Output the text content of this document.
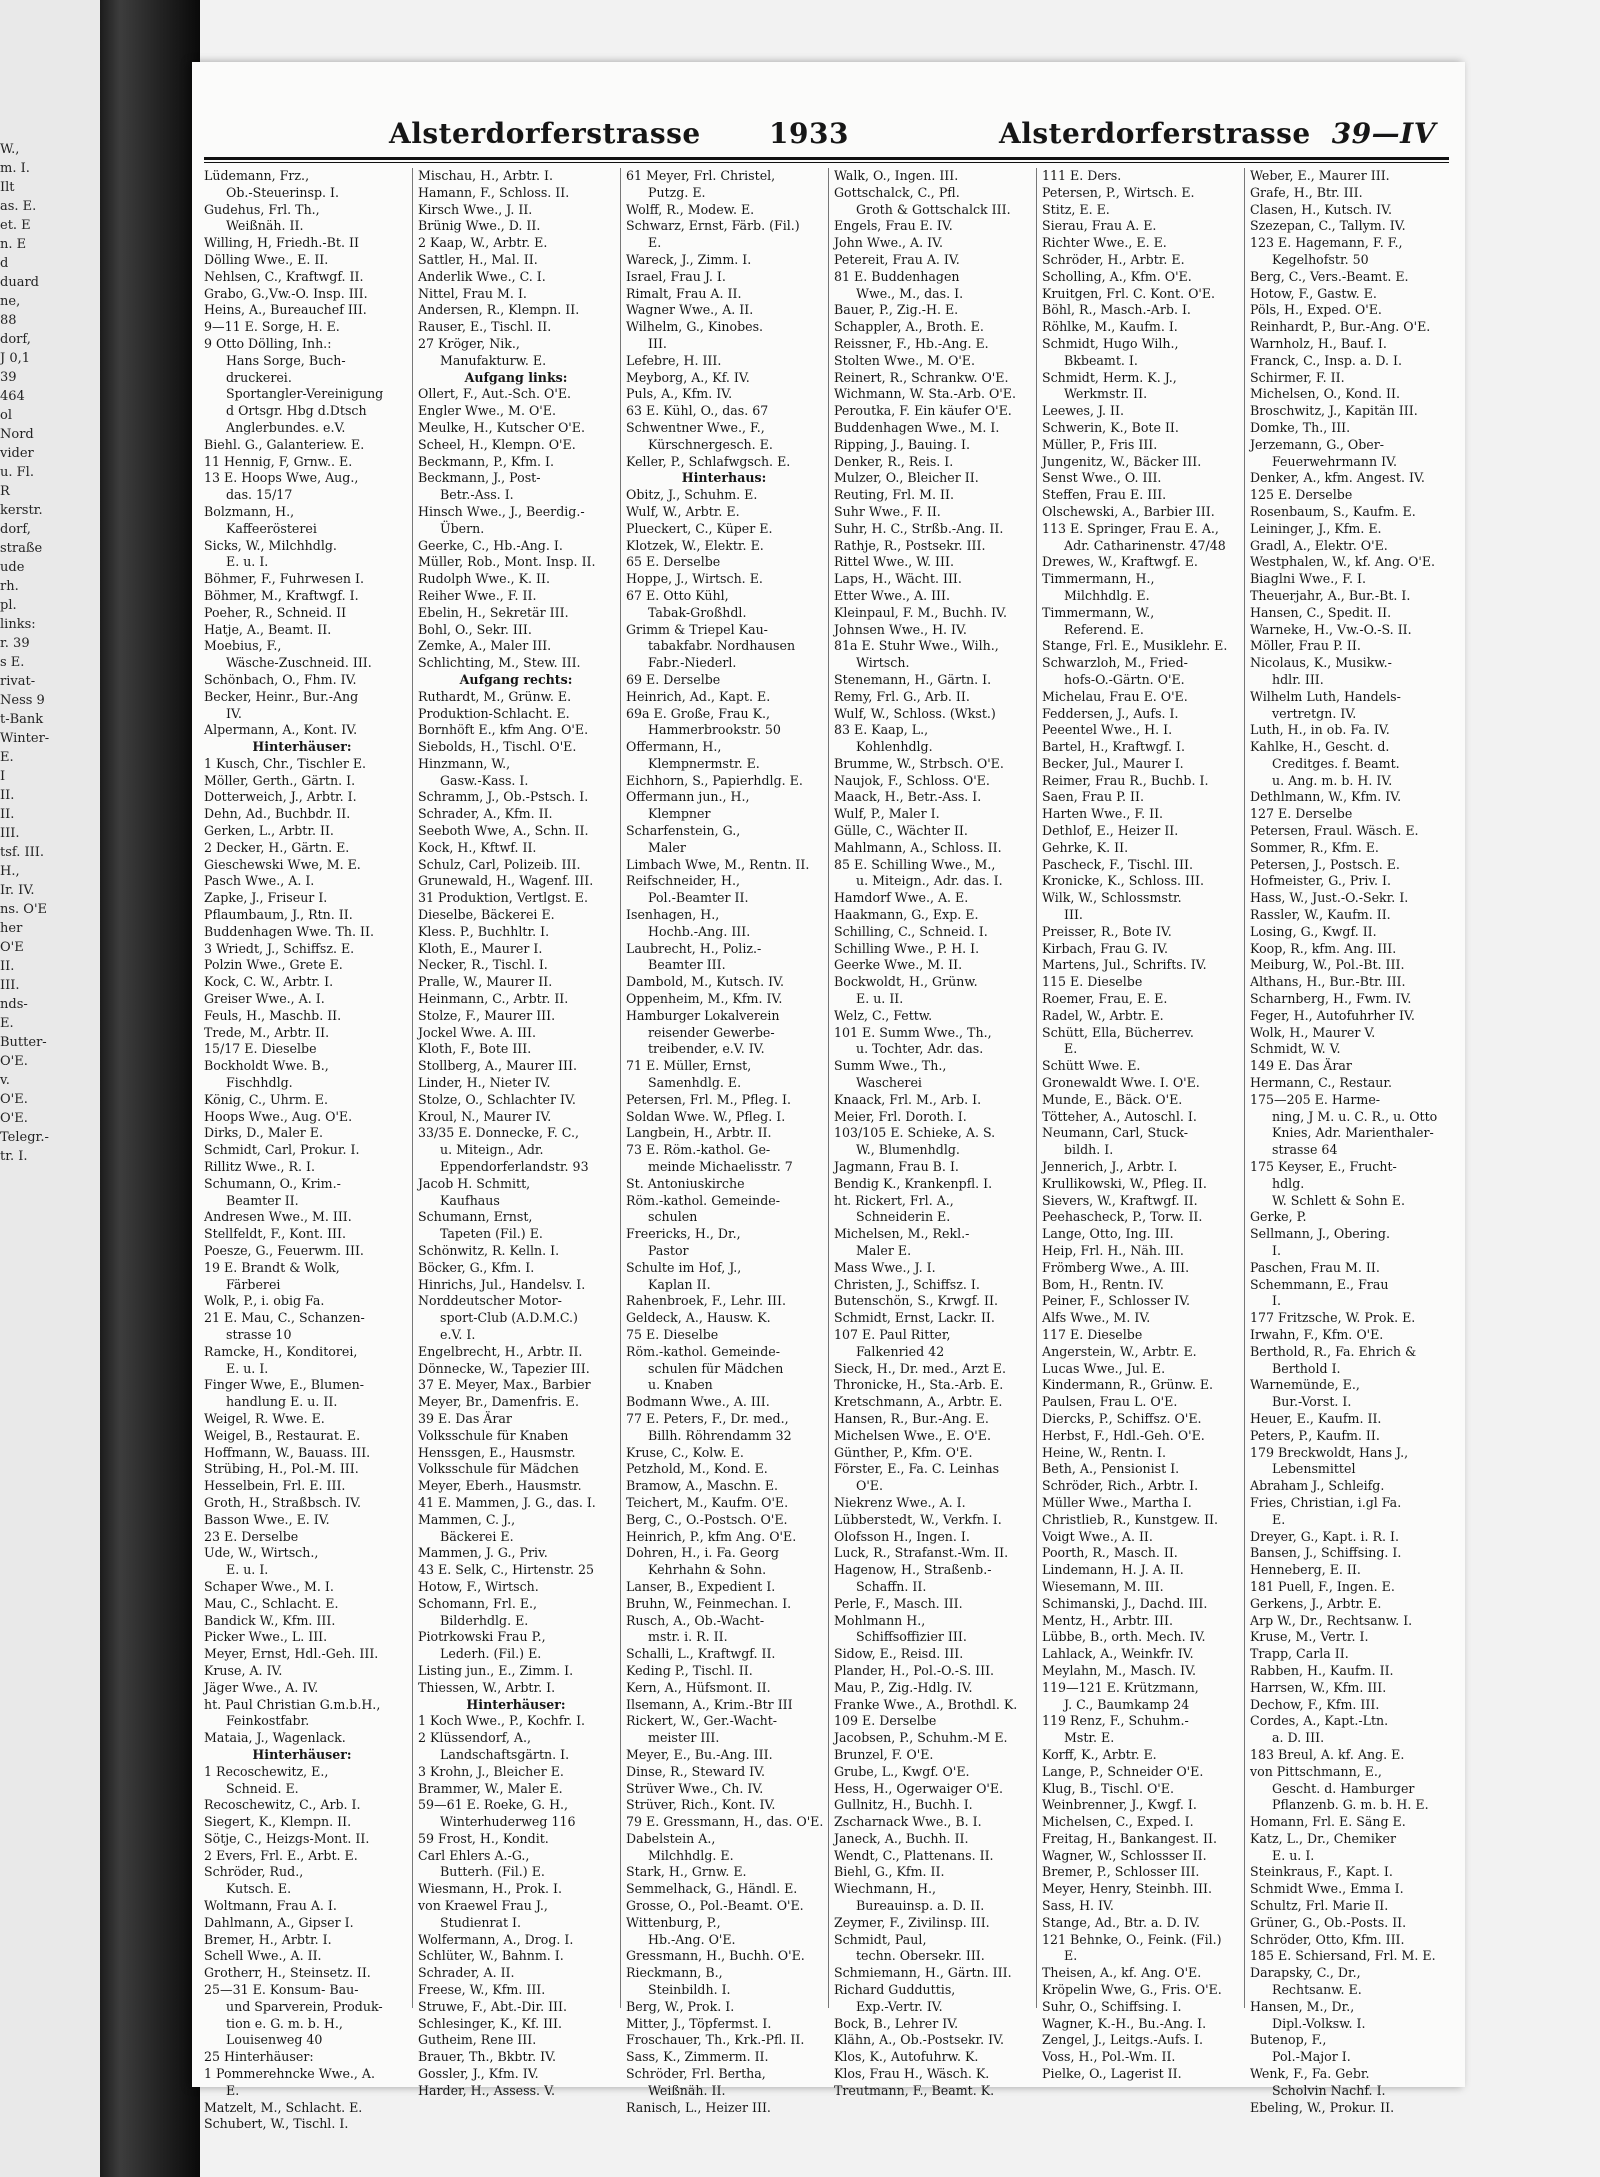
W.,
m. I.
Ilt
as. E.
et. E
n. E
d
duard
ne,
88
dorf,
J 0,1
39
464
ol
Nord
vider
u. Fl.
R
kerstr.
dorf,
straße
ude
rh.
pl.
links:
r. 39
s E.
rivat-
Ness 9
t-Bank
Winter-
E.
I
II.
II.
III.
tsf. III.
H.,
Ir. IV.
ns. O'E
her
O'E
II.
III.
nds-
E.
Butter-
O'E.
v.
O'E.
O'E.
Telegr.-
tr. I.
Alsterdorferstrasse 1933	Alsterdorferstrasse 39—IV
Lüdemann, Frz.,
Ob.-Steuerinsp. I.
Gudehus, Frl. Th.,
Weißnäh. II.
Willing, H, Friedh.-Bt. II
Dölling Wwe., E. II.
Nehlsen, C., Kraftwgf. II.
Grabo, G.,Vw.-O. Insp. III.
Heins, A., Bureauchef III.
9—11 E. Sorge, H. E.
9 Otto Dölling, Inh.:
Hans Sorge, Buch-
druckerei.
Sportangler-Vereinigung
d Ortsgr. Hbg d.Dtsch
Anglerbundes. e.V.
Biehl. G., Galanteriew. E.
11 Hennig, F, Grnw.. E.
13 E. Hoops Wwe, Aug.,
das. 15/17
Bolzmann, H.,
Kaffeerösterei
Sicks, W., Milchhdlg.
E. u. I.
Böhmer, F., Fuhrwesen I.
Böhmer, M., Kraftwgf. I.
Poeher, R., Schneid. II
Hatje, A., Beamt. II.
Moebius, F.,
Wäsche-Zuschneid. III.
Schönbach, O., Fhm. IV.
Becker, Heinr., Bur.-Ang
IV.
Alpermann, A., Kont. IV.
Hinterhäuser:
1 Kusch, Chr., Tischler E.
Möller, Gerth., Gärtn. I.
Dotterweich, J., Arbtr. I.
Dehn, Ad., Buchbdr. II.
Gerken, L., Arbtr. II.
2 Decker, H., Gärtn. E.
Gieschewski Wwe, M. E.
Pasch Wwe., A. I.
Zapke, J., Friseur I.
Pflaumbaum, J., Rtn. II.
Buddenhagen Wwe. Th. II.
3 Wriedt, J., Schiffsz. E.
Polzin Wwe., Grete E.
Kock, C. W., Arbtr. I.
Greiser Wwe., A. I.
Feuls, H., Maschb. II.
Trede, M., Arbtr. II.
15/17 E. Dieselbe
Bockholdt Wwe. B.,
Fischhdlg.
König, C., Uhrm. E.
Hoops Wwe., Aug. O'E.
Dirks, D., Maler E.
Schmidt, Carl, Prokur. I.
Rillitz Wwe., R. I.
Schumann, O., Krim.-
Beamter II.
Andresen Wwe., M. III.
Stellfeldt, F., Kont. III.
Poesze, G., Feuerwm. III.
19 E. Brandt & Wolk,
Färberei
Wolk, P., i. obig Fa.
21 E. Mau, C., Schanzen-
strasse 10
Ramcke, H., Konditorei,
E. u. I.
Finger Wwe, E., Blumen-
handlung E. u. II.
Weigel, R. Wwe. E.
Weigel, B., Restaurat. E.
Hoffmann, W., Bauass. III.
Strübing, H., Pol.-M. III.
Hesselbein, Frl. E. III.
Groth, H., Straßbsch. IV.
Basson Wwe., E. IV.
23 E. Derselbe
Ude, W., Wirtsch.,
E. u. I.
Schaper Wwe., M. I.
Mau, C., Schlacht. E.
Bandick W., Kfm. III.
Picker Wwe., L. III.
Meyer, Ernst, Hdl.-Geh. III.
Kruse, A. IV.
Jäger Wwe., A. IV.
ht. Paul Christian G.m.b.H.,
Feinkostfabr.
Mataia, J., Wagenlack.
Hinterhäuser:
1 Recoschewitz, E.,
Schneid. E.
Recoschewitz, C., Arb. I.
Siegert, K., Klempn. II.
Sötje, C., Heizgs-Mont. II.
2 Evers, Frl. E., Arbt. E.
Schröder, Rud.,
Kutsch. E.
Woltmann, Frau A. I.
Dahlmann, A., Gipser I.
Bremer, H., Arbtr. I.
Schell Wwe., A. II.
Grotherr, H., Steinsetz. II.
25—31 E. Konsum- Bau-
und Sparverein, Produk-
tion e. G. m. b. H.,
Louisenweg 40
25 Hinterhäuser:
1 Pommerehncke Wwe., A.
E.
Matzelt, M., Schlacht. E.
Schubert, W., Tischl. I.
Mischau, H., Arbtr. I.
Hamann, F., Schloss. II.
Kirsch Wwe., J. II.
Brünig Wwe., D. II.
2 Kaap, W., Arbtr. E.
Sattler, H., Mal. II.
Anderlik Wwe., C. I.
Nittel, Frau M. I.
Andersen, R., Klempn. II.
Rauser, E., Tischl. II.
27 Kröger, Nik.,
Manufakturw. E.
Aufgang links:
Ollert, F., Aut.-Sch. O'E.
Engler Wwe., M. O'E.
Meulke, H., Kutscher O'E.
Scheel, H., Klempn. O'E.
Beckmann, P., Kfm. I.
Beckmann, J., Post-
Betr.-Ass. I.
Hinsch Wwe., J., Beerdig.-
Übern.
Geerke, C., Hb.-Ang. I.
Müller, Rob., Mont. Insp. II.
Rudolph Wwe., K. II.
Reiher Wwe., F. II.
Ebelin, H., Sekretär III.
Bohl, O., Sekr. III.
Zemke, A., Maler III.
Schlichting, M., Stew. III.
Aufgang rechts:
Ruthardt, M., Grünw. E.
Produktion-Schlacht. E.
Bornhöft E., kfm Ang. O'E.
Siebolds, H., Tischl. O'E.
Hinzmann, W.,
Gasw.-Kass. I.
Schramm, J., Ob.-Pstsch. I.
Schrader, A., Kfm. II.
Seeboth Wwe, A., Schn. II.
Kock, H., Kftwf. II.
Schulz, Carl, Polizeib. III.
Grunewald, H., Wagenf. III.
31 Produktion, Vertlgst. E.
Dieselbe, Bäckerei E.
Kless. P., Buchhltr. I.
Kloth, E., Maurer I.
Necker, R., Tischl. I.
Pralle, W., Maurer II.
Heinmann, C., Arbtr. II.
Stolze, F., Maurer III.
Jockel Wwe. A. III.
Kloth, F., Bote III.
Stollberg, A., Maurer III.
Linder, H., Nieter IV.
Stolze, O., Schlachter IV.
Kroul, N., Maurer IV.
33/35 E. Donnecke, F. C.,
u. Miteign., Adr.
Eppendorferlandstr. 93
Jacob H. Schmitt,
Kaufhaus
Schumann, Ernst,
Tapeten (Fil.) E.
Schönwitz, R. Kelln. I.
Böcker, G., Kfm. I.
Hinrichs, Jul., Handelsv. I.
Norddeutscher Motor-
sport-Club (A.D.M.C.)
e.V. I.
Engelbrecht, H., Arbtr. II.
Dönnecke, W., Tapezier III.
37 E. Meyer, Max., Barbier
Meyer, Br., Damenfris. E.
39 E. Das Ärar
Volksschule für Knaben
Henssgen, E., Hausmstr.
Volksschule für Mädchen
Meyer, Eberh., Hausmstr.
41 E. Mammen, J. G., das. I.
Mammen, C. J.,
Bäckerei E.
Mammen, J. G., Priv.
43 E. Selk, C., Hirtenstr. 25
Hotow, F., Wirtsch.
Schomann, Frl. E.,
Bilderhdlg. E.
Piotrkowski Frau P.,
Lederh. (Fil.) E.
Listing jun., E., Zimm. I.
Thiessen, W., Arbtr. I.
Hinterhäuser:
1 Koch Wwe., P., Kochfr. I.
2 Klüssendorf, A.,
Landschaftsgärtn. I.
3 Krohn, J., Bleicher E.
Brammer, W., Maler E.
59—61 E. Roeke, G. H.,
Winterhuderweg 116
59 Frost, H., Kondit.
Carl Ehlers A.-G.,
Butterh. (Fil.) E.
Wiesmann, H., Prok. I.
von Kraewel Frau J.,
Studienrat I.
Wolfermann, A., Drog. I.
Schlüter, W., Bahnm. I.
Schrader, A. II.
Freese, W., Kfm. III.
Struwe, F., Abt.-Dir. III.
Schlesinger, K., Kf. III.
Gutheim, Rene III.
Brauer, Th., Bkbtr. IV.
Gossler, J., Kfm. IV.
Harder, H., Assess. V.
61 Meyer, Frl. Christel,
Putzg. E.
Wolff, R., Modew. E.
Schwarz, Ernst, Färb. (Fil.)
E.
Wareck, J., Zimm. I.
Israel, Frau J. I.
Rimalt, Frau A. II.
Wagner Wwe., A. II.
Wilhelm, G., Kinobes.
III.
Lefebre, H. III.
Meyborg, A., Kf. IV.
Puls, A., Kfm. IV.
63 E. Kühl, O., das. 67
Schwentner Wwe., F.,
Kürschnergesch. E.
Keller, P., Schlafwgsch. E.
Hinterhaus:
Obitz, J., Schuhm. E.
Wulf, W., Arbtr. E.
Plueckert, C., Küper E.
Klotzek, W., Elektr. E.
65 E. Derselbe
Hoppe, J., Wirtsch. E.
67 E. Otto Kühl,
Tabak-Großhdl.
Grimm & Triepel Kau-
tabakfabr. Nordhausen
Fabr.-Niederl.
69 E. Derselbe
Heinrich, Ad., Kapt. E.
69a E. Große, Frau K.,
Hammerbrookstr. 50
Offermann, H.,
Klempnermstr. E.
Eichhorn, S., Papierhdlg. E.
Offermann jun., H.,
Klempner
Scharfenstein, G.,
Maler
Limbach Wwe, M., Rentn. II.
Reifschneider, H.,
Pol.-Beamter II.
Isenhagen, H.,
Hochb.-Ang. III.
Laubrecht, H., Poliz.-
Beamter III.
Dambold, M., Kutsch. IV.
Oppenheim, M., Kfm. IV.
Hamburger Lokalverein
reisender Gewerbe-
treibender, e.V. IV.
71 E. Müller, Ernst,
Samenhdlg. E.
Petersen, Frl. M., Pfleg. I.
Soldan Wwe. W., Pfleg. I.
Langbein, H., Arbtr. II.
73 E. Röm.-kathol. Ge-
meinde Michaelisstr. 7
St. Antoniuskirche
Röm.-kathol. Gemeinde-
schulen
Freericks, H., Dr.,
Pastor
Schulte im Hof, J.,
Kaplan II.
Rahenbroek, F., Lehr. III.
Geldeck, A., Hausw. K.
75 E. Dieselbe
Röm.-kathol. Gemeinde-
schulen für Mädchen
u. Knaben
Bodmann Wwe., A. III.
77 E. Peters, F., Dr. med.,
Billh. Röhrendamm 32
Kruse, C., Kolw. E.
Petzhold, M., Kond. E.
Bramow, A., Maschn. E.
Teichert, M., Kaufm. O'E.
Berg, C., O.-Postsch. O'E.
Heinrich, P., kfm Ang. O'E.
Dohren, H., i. Fa. Georg
Kehrhahn & Sohn.
Lanser, B., Expedient I.
Bruhn, W., Feinmechan. I.
Rusch, A., Ob.-Wacht-
mstr. i. R. II.
Schalli, L., Kraftwgf. II.
Keding P., Tischl. II.
Kern, A., Hüfsmont. II.
Ilsemann, A., Krim.-Btr III
Rickert, W., Ger.-Wacht-
meister III.
Meyer, E., Bu.-Ang. III.
Dinse, R., Steward IV.
Strüver Wwe., Ch. IV.
Strüver, Rich., Kont. IV.
79 E. Gressmann, H., das. O'E.
Dabelstein A.,
Milchhdlg. E.
Stark, H., Grnw. E.
Semmelhack, G., Händl. E.
Grosse, O., Pol.-Beamt. O'E.
Wittenburg, P.,
Hb.-Ang. O'E.
Gressmann, H., Buchh. O'E.
Rieckmann, B.,
Steinbildh. I.
Berg, W., Prok. I.
Mitter, J., Töpfermst. I.
Froschauer, Th., Krk.-Pfl. II.
Sass, K., Zimmerm. II.
Schröder, Frl. Bertha,
Weißnäh. II.
Ranisch, L., Heizer III.
Walk, O., Ingen. III.
Gottschalck, C., Pfl.
Groth & Gottschalck III.
Engels, Frau E. IV.
John Wwe., A. IV.
Petereit, Frau A. IV.
81 E. Buddenhagen
Wwe., M., das. I.
Bauer, P., Zig.-H. E.
Schappler, A., Broth. E.
Reissner, F., Hb.-Ang. E.
Stolten Wwe., M. O'E.
Reinert, R., Schrankw. O'E.
Wichmann, W. Sta.-Arb. O'E.
Peroutka, F. Ein käufer O'E.
Buddenhagen Wwe., M. I.
Ripping, J., Bauing. I.
Denker, R., Reis. I.
Mulzer, O., Bleicher II.
Reuting, Frl. M. II.
Suhr Wwe., F. II.
Suhr, H. C., Strßb.-Ang. II.
Rathje, R., Postsekr. III.
Rittel Wwe., W. III.
Laps, H., Wächt. III.
Etter Wwe., A. III.
Kleinpaul, F. M., Buchh. IV.
Johnsen Wwe., H. IV.
81a E. Stuhr Wwe., Wilh.,
Wirtsch.
Stenemann, H., Gärtn. I.
Remy, Frl. G., Arb. II.
Wulf, W., Schloss. (Wkst.)
83 E. Kaap, L.,
Kohlenhdlg.
Brumme, W., Strbsch. O'E.
Naujok, F., Schloss. O'E.
Maack, H., Betr.-Ass. I.
Wulf, P., Maler I.
Gülle, C., Wächter II.
Mahlmann, A., Schloss. II.
85 E. Schilling Wwe., M.,
u. Miteign., Adr. das. I.
Hamdorf Wwe., A. E.
Haakmann, G., Exp. E.
Schilling, C., Schneid. I.
Schilling Wwe., P. H. I.
Geerke Wwe., M. II.
Bockwoldt, H., Grünw.
E. u. II.
Welz, C., Fettw.
101 E. Summ Wwe., Th.,
u. Tochter, Adr. das.
Summ Wwe., Th.,
Wascherei
Knaack, Frl. M., Arb. I.
Meier, Frl. Doroth. I.
103/105 E. Schieke, A. S.
W., Blumenhdlg.
Jagmann, Frau B. I.
Bendig K., Krankenpfl. I.
ht. Rickert, Frl. A.,
Schneiderin E.
Michelsen, M., Rekl.-
Maler E.
Mass Wwe., J. I.
Christen, J., Schiffsz. I.
Butenschön, S., Krwgf. II.
Schmidt, Ernst, Lackr. II.
107 E. Paul Ritter,
Falkenried 42
Sieck, H., Dr. med., Arzt E.
Thronicke, H., Sta.-Arb. E.
Kretschmann, A., Arbtr. E.
Hansen, R., Bur.-Ang. E.
Michelsen Wwe., E. O'E.
Günther, P., Kfm. O'E.
Förster, E., Fa. C. Leinhas
O'E.
Niekrenz Wwe., A. I.
Lübberstedt, W., Verkfn. I.
Olofsson H., Ingen. I.
Luck, R., Strafanst.-Wm. II.
Hagenow, H., Straßenb.-
Schaffn. II.
Perle, F., Masch. III.
Mohlmann H.,
Schiffsoffizier III.
Sidow, E., Reisd. III.
Plander, H., Pol.-O.-S. III.
Mau, P., Zig.-Hdlg. IV.
Franke Wwe., A., Brothdl. K.
109 E. Derselbe
Jacobsen, P., Schuhm.-M E.
Brunzel, F. O'E.
Grube, L., Kwgf. O'E.
Hess, H., Ogerwaiger O'E.
Gullnitz, H., Buchh. I.
Zscharnack Wwe., B. I.
Janeck, A., Buchh. II.
Wendt, C., Plattenans. II.
Biehl, G., Kfm. II.
Wiechmann, H.,
Bureauinsp. a. D. II.
Zeymer, F., Zivilinsp. III.
Schmidt, Paul,
techn. Obersekr. III.
Schmiemann, H., Gärtn. III.
Richard Gudduttis,
Exp.-Vertr. IV.
Bock, B., Lehrer IV.
Klähn, A., Ob.-Postsekr. IV.
Klos, K., Autofuhrw. K.
Klos, Frau H., Wäsch. K.
Treutmann, F., Beamt. K.
111 E. Ders.
Petersen, P., Wirtsch. E.
Stitz, E. E.
Sierau, Frau A. E.
Richter Wwe., E. E.
Schröder, H., Arbtr. E.
Scholling, A., Kfm. O'E.
Kruitgen, Frl. C. Kont. O'E.
Böhl, R., Masch.-Arb. I.
Röhlke, M., Kaufm. I.
Schmidt, Hugo Wilh.,
Bkbeamt. I.
Schmidt, Herm. K. J.,
Werkmstr. II.
Leewes, J. II.
Schwerin, K., Bote II.
Müller, P., Fris III.
Jungenitz, W., Bäcker III.
Senst Wwe., O. III.
Steffen, Frau E. III.
Olschewski, A., Barbier III.
113 E. Springer, Frau E. A.,
Adr. Catharinenstr. 47/48
Drewes, W., Kraftwgf. E.
Timmermann, H.,
Milchhdlg. E.
Timmermann, W.,
Referend. E.
Stange, Frl. E., Musiklehr. E.
Schwarzloh, M., Fried-
hofs-O.-Gärtn. O'E.
Michelau, Frau E. O'E.
Feddersen, J., Aufs. I.
Peeentel Wwe., H. I.
Bartel, H., Kraftwgf. I.
Becker, Jul., Maurer I.
Reimer, Frau R., Buchb. I.
Saen, Frau P. II.
Harten Wwe., F. II.
Dethlof, E., Heizer II.
Gehrke, K. II.
Pascheck, F., Tischl. III.
Kronicke, K., Schloss. III.
Wilk, W., Schlossmstr.
III.
Preisser, R., Bote IV.
Kirbach, Frau G. IV.
Martens, Jul., Schrifts. IV.
115 E. Dieselbe
Roemer, Frau, E. E.
Radel, W., Arbtr. E.
Schütt, Ella, Bücherrev.
E.
Schütt Wwe. E.
Gronewaldt Wwe. I. O'E.
Munde, E., Bäck. O'E.
Tötteher, A., Autoschl. I.
Neumann, Carl, Stuck-
bildh. I.
Jennerich, J., Arbtr. I.
Krullikowski, W., Pfleg. II.
Sievers, W., Kraftwgf. II.
Peehascheck, P., Torw. II.
Lange, Otto, Ing. III.
Heip, Frl. H., Näh. III.
Frömberg Wwe., A. III.
Bom, H., Rentn. IV.
Peiner, F., Schlosser IV.
Alfs Wwe., M. IV.
117 E. Dieselbe
Angerstein, W., Arbtr. E.
Lucas Wwe., Jul. E.
Kindermann, R., Grünw. E.
Paulsen, Frau L. O'E.
Diercks, P., Schiffsz. O'E.
Herbst, F., Hdl.-Geh. O'E.
Heine, W., Rentn. I.
Beth, A., Pensionist I.
Schröder, Rich., Arbtr. I.
Müller Wwe., Martha I.
Christlieb, R., Kunstgew. II.
Voigt Wwe., A. II.
Poorth, R., Masch. II.
Lindemann, H. J. A. II.
Wiesemann, M. III.
Schimanski, J., Dachd. III.
Mentz, H., Arbtr. III.
Lübbe, B., orth. Mech. IV.
Lahlack, A., Weinkfr. IV.
Meylahn, M., Masch. IV.
119—121 E. Krützmann,
J. C., Baumkamp 24
119 Renz, F., Schuhm.-
Mstr. E.
Korff, K., Arbtr. E.
Lange, P., Schneider O'E.
Klug, B., Tischl. O'E.
Weinbrenner, J., Kwgf. I.
Michelsen, C., Exped. I.
Freitag, H., Bankangest. II.
Wagner, W., Schlossser II.
Bremer, P., Schlosser III.
Meyer, Henry, Steinbh. III.
Sass, H. IV.
Stange, Ad., Btr. a. D. IV.
121 Behnke, O., Feink. (Fil.)
E.
Theisen, A., kf. Ang. O'E.
Kröpelin Wwe, G., Fris. O'E.
Suhr, O., Schiffsing. I.
Wagner, K.-H., Bu.-Ang. I.
Zengel, J., Leitgs.-Aufs. I.
Voss, H., Pol.-Wm. II.
Pielke, O., Lagerist II.
Weber, E., Maurer III.
Grafe, H., Btr. III.
Clasen, H., Kutsch. IV.
Szezepan, C., Tallym. IV.
123 E. Hagemann, F. F.,
Kegelhofstr. 50
Berg, C., Vers.-Beamt. E.
Hotow, F., Gastw. E.
Pöls, H., Exped. O'E.
Reinhardt, P., Bur.-Ang. O'E.
Warnholz, H., Bauf. I.
Franck, C., Insp. a. D. I.
Schirmer, F. II.
Michelsen, O., Kond. II.
Broschwitz, J., Kapitän III.
Domke, Th., III.
Jerzemann, G., Ober-
Feuerwehrmann IV.
Denker, A., kfm. Angest. IV.
125 E. Derselbe
Rosenbaum, S., Kaufm. E.
Leininger, J., Kfm. E.
Gradl, A., Elektr. O'E.
Westphalen, W., kf. Ang. O'E.
Biaglni Wwe., F. I.
Theuerjahr, A., Bur.-Bt. I.
Hansen, C., Spedit. II.
Warneke, H., Vw.-O.-S. II.
Möller, Frau P. II.
Nicolaus, K., Musikw.-
hdlr. III.
Wilhelm Luth, Handels-
vertretgn. IV.
Luth, H., in ob. Fa. IV.
Kahlke, H., Gescht. d.
Creditges. f. Beamt.
u. Ang. m. b. H. IV.
Dethlmann, W., Kfm. IV.
127 E. Derselbe
Petersen, Fraul. Wäsch. E.
Sommer, R., Kfm. E.
Petersen, J., Postsch. E.
Hofmeister, G., Priv. I.
Hass, W., Just.-O.-Sekr. I.
Rassler, W., Kaufm. II.
Losing, G., Kwgf. II.
Koop, R., kfm. Ang. III.
Meiburg, W., Pol.-Bt. III.
Althans, H., Bur.-Btr. III.
Scharnberg, H., Fwm. IV.
Feger, H., Autofuhrher IV.
Wolk, H., Maurer V.
Schmidt, W. V.
149 E. Das Ärar
Hermann, C., Restaur.
175—205 E. Harme-
ning, J M. u. C. R., u. Otto
Knies, Adr. Marienthaler-
strasse 64
175 Keyser, E., Frucht-
hdlg.
W. Schlett & Sohn E.
Gerke, P.
Sellmann, J., Obering.
I.
Paschen, Frau M. II.
Schemmann, E., Frau
I.
177 Fritzsche, W. Prok. E.
Irwahn, F., Kfm. O'E.
Berthold, R., Fa. Ehrich &
Berthold I.
Warnemünde, E.,
Bur.-Vorst. I.
Heuer, E., Kaufm. II.
Peters, P., Kaufm. II.
179 Breckwoldt, Hans J.,
Lebensmittel
Abraham J., Schleifg.
Fries, Christian, i.gl Fa.
E.
Dreyer, G., Kapt. i. R. I.
Bansen, J., Schiffsing. I.
Henneberg, E. II.
181 Puell, F., Ingen. E.
Gerkens, J., Arbtr. E.
Arp W., Dr., Rechtsanw. I.
Kruse, M., Vertr. I.
Trapp, Carla II.
Rabben, H., Kaufm. II.
Harrsen, W., Kfm. III.
Dechow, F., Kfm. III.
Cordes, A., Kapt.-Ltn.
a. D. III.
183 Breul, A. kf. Ang. E.
von Pittschmann, E.,
Gescht. d. Hamburger
Pflanzenb. G. m. b. H. E.
Homann, Frl. E. Säng E.
Katz, L., Dr., Chemiker
E. u. I.
Steinkraus, F., Kapt. I.
Schmidt Wwe., Emma I.
Schultz, Frl. Marie II.
Grüner, G., Ob.-Posts. II.
Schröder, Otto, Kfm. III.
185 E. Schiersand, Frl. M. E.
Darapsky, C., Dr.,
Rechtsanw. E.
Hansen, M., Dr.,
Dipl.-Volksw. I.
Butenop, F.,
Pol.-Major I.
Wenk, F., Fa. Gebr.
Scholvin Nachf. I.
Ebeling, W., Prokur. II.
